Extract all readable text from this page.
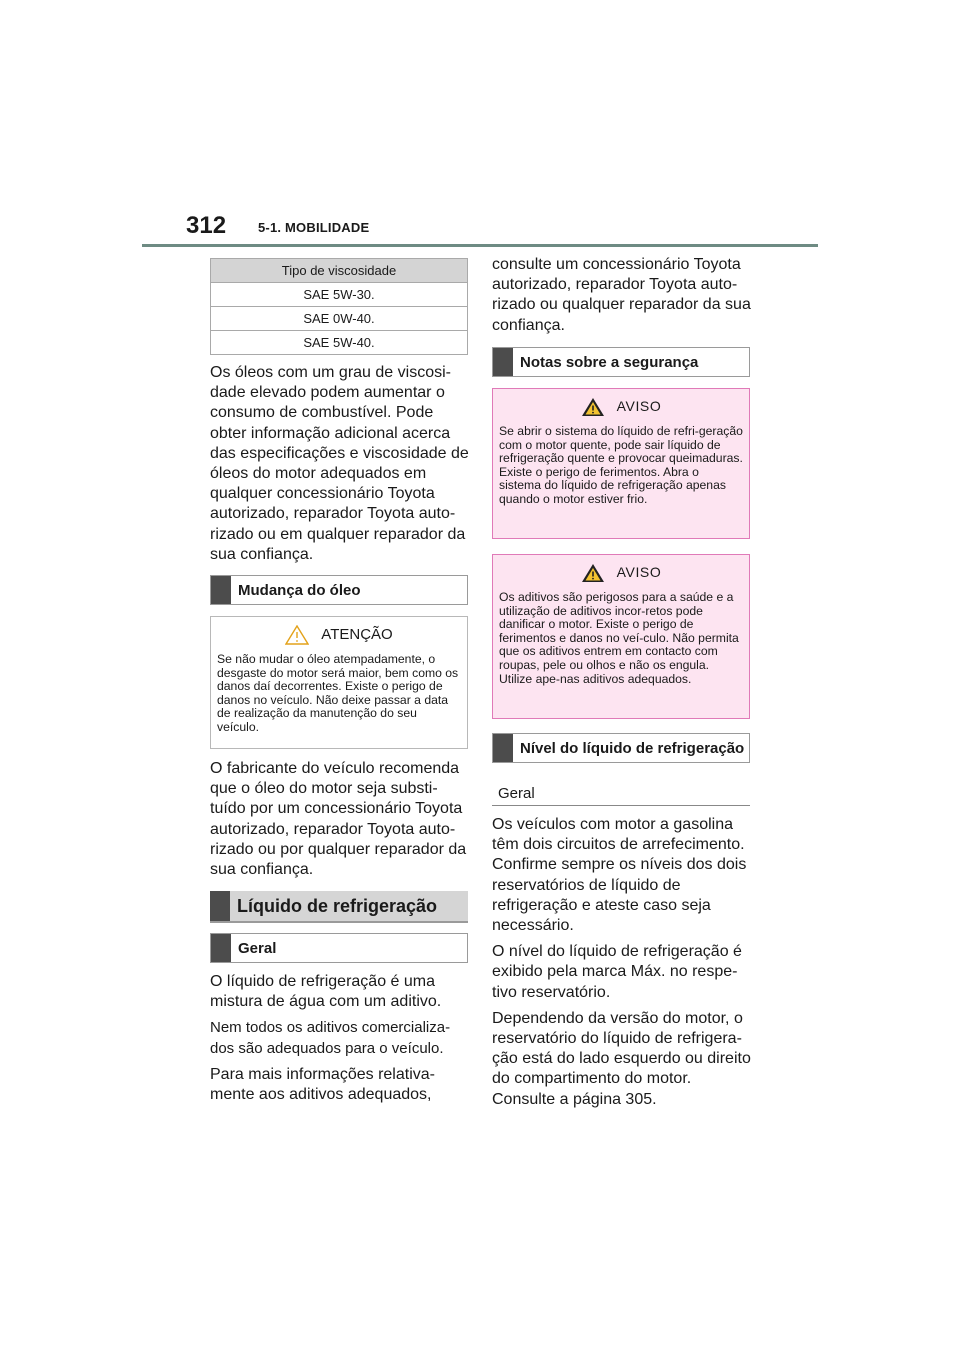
312 5-1. MOBILIDADE
Tipo de viscosidade
SAE 5W-30.
SAE 0W-40.
SAE 5W-40.

Os óleos com um grau de viscosi-dade elevado podem aumentar o consumo de combustível. Pode obter informação adicional acerca das especificações e viscosidade de óleos do motor adequados em qualquer concessionário Toyota autorizado, reparador Toyota auto-rizado ou em qualquer reparador da sua confiança.

Mudança do óleo
ATENÇÃO
Se não mudar o óleo atempadamente, o desgaste do motor será maior, bem como os danos daí decorrentes. Existe o perigo de danos no veículo. Não deixe passar a data de realização da manutenção do seu veículo.

O fabricante do veículo recomenda que o óleo do motor seja substi-tuído por um concessionário Toyota autorizado, reparador Toyota auto-rizado ou por qualquer reparador da sua confiança.

Líquido de refrigeração
Geral

O líquido de refrigeração é uma mistura de água com um aditivo.

Nem todos os aditivos comercializa-dos são adequados para o veículo.

Para mais informações relativa-mente aos aditivos adequados,

consulte um concessionário Toyota autorizado, reparador Toyota auto-rizado ou qualquer reparador da sua confiança.

Notas sobre a segurança
AVISO
Se abrir o sistema do líquido de refri-geração com o motor quente, pode sair líquido de refrigeração quente e provocar queimaduras. Existe o perigo de ferimentos. Abra o sistema do líquido de refrigeração apenas quando o motor estiver frio.
AVISO
Os aditivos são perigosos para a saúde e a utilização de aditivos incor-retos pode danificar o motor. Existe o perigo de ferimentos e danos no veí-culo. Não permita que os aditivos entrem em contacto com roupas, pele ou olhos e não os engula. Utilize ape-nas aditivos adequados.
Nível do líquido de refrigeração
Geral

Os veículos com motor a gasolina têm dois circuitos de arrefecimento. Confirme sempre os níveis dos dois reservatórios de líquido de refrigeração e ateste caso seja necessário.

O nível do líquido de refrigeração é exibido pela marca Máx. no respe-tivo reservatório.

Dependendo da versão do motor, o reservatório do líquido de refrigera-ção está do lado esquerdo ou direito do compartimento do motor. Consulte a página 305.
